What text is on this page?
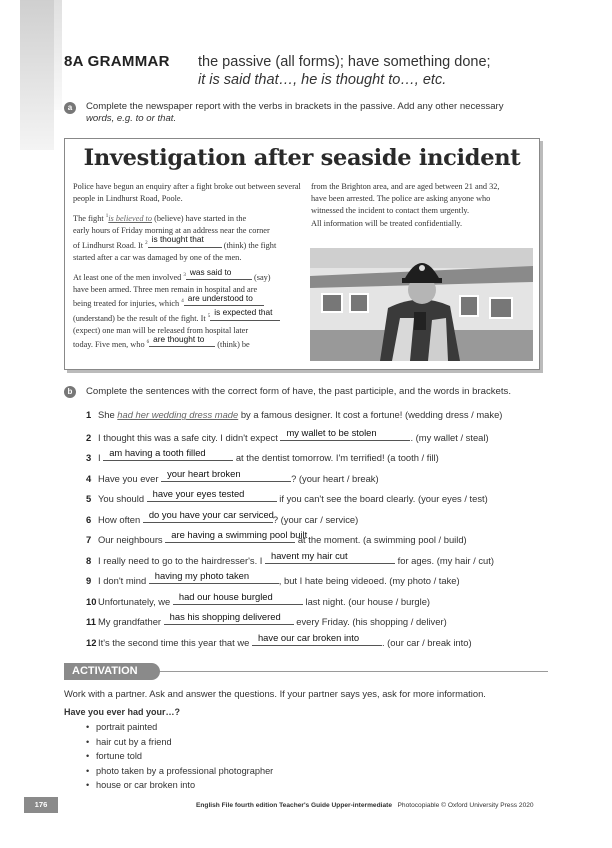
8A GRAMMAR the passive (all forms); have something done;
it is said that…, he is thought to…, etc.
a	Complete the newspaper report with the verbs in brackets in the passive. Add any other necessary
words, e.g. to or that.
Investigation after seaside incident

Police have begun an enquiry after a fight broke out between several people in Lindhurst Road, Poole.

The fight $^1$is believed to (believe) have started in the
early hours of Friday morning at an address near the corner
of Lindhurst Road. It $^2$ is thought that
(think) the fight
started after a car was damaged by one of the men.

At least one of the men involved $^3$ was said to
(say)
have been armed. Three men remain in hospital and are
being treated for injuries, which $^4$ are understood to

(understand) be the result of the fight. It $^5$ is expected that

(expect) one man will be released from hospital later
today. Five men, who $^6$ are thought to
(think) be

from the Brighton area, and are aged between 21 and 32,
have been arrested. The police are asking anyone who
witnessed the incident to contact them urgently.
All information will be treated confidentially.
b	Complete the sentences with the correct form of have, the past participle, and the words in brackets.
1 She had her wedding dress made by a famous designer. It cost a fortune! (wedding dress / make)
2 I thought this was a safe city. I didn't expect my wallet to be stolen	. (my wallet / steal)
3 I am having a tooth filled	at the dentist tomorrow. I'm terrified! (a tooth / fill)
4 Have you ever your heart broken	? (your heart / break)
5 You should have your eyes tested	if you can't see the board clearly. (your eyes / test)
6 How often do you have your car serviced
? (your car / service)
7 Our neighbours are having a swimming pool built
at the moment. (a swimming pool / build)
8 I really need to go to the hairdresser's. I havent my hair cut	for ages. (my hair / cut)
9 I don't mind having my photo taken	, but I hate being videoed. (my photo / take)
10 Unfortunately, we had our house burgled	last night. (our house / burgle)
11 My grandfather has his shopping delivered every Friday. (his shopping / deliver)
12 It's the second time this year that we have our car broken into . (our car / break into)
ACTIVATION
Work with a partner. Ask and answer the questions. If your partner says yes, ask for more information.
Have you ever had your…?
• portrait painted
• hair cut by a friend
• fortune told
• photo taken by a professional photographer
• house or car broken into
176	English File fourth edition Teacher's Guide Upper-intermediate Photocopiable © Oxford University Press 2020
